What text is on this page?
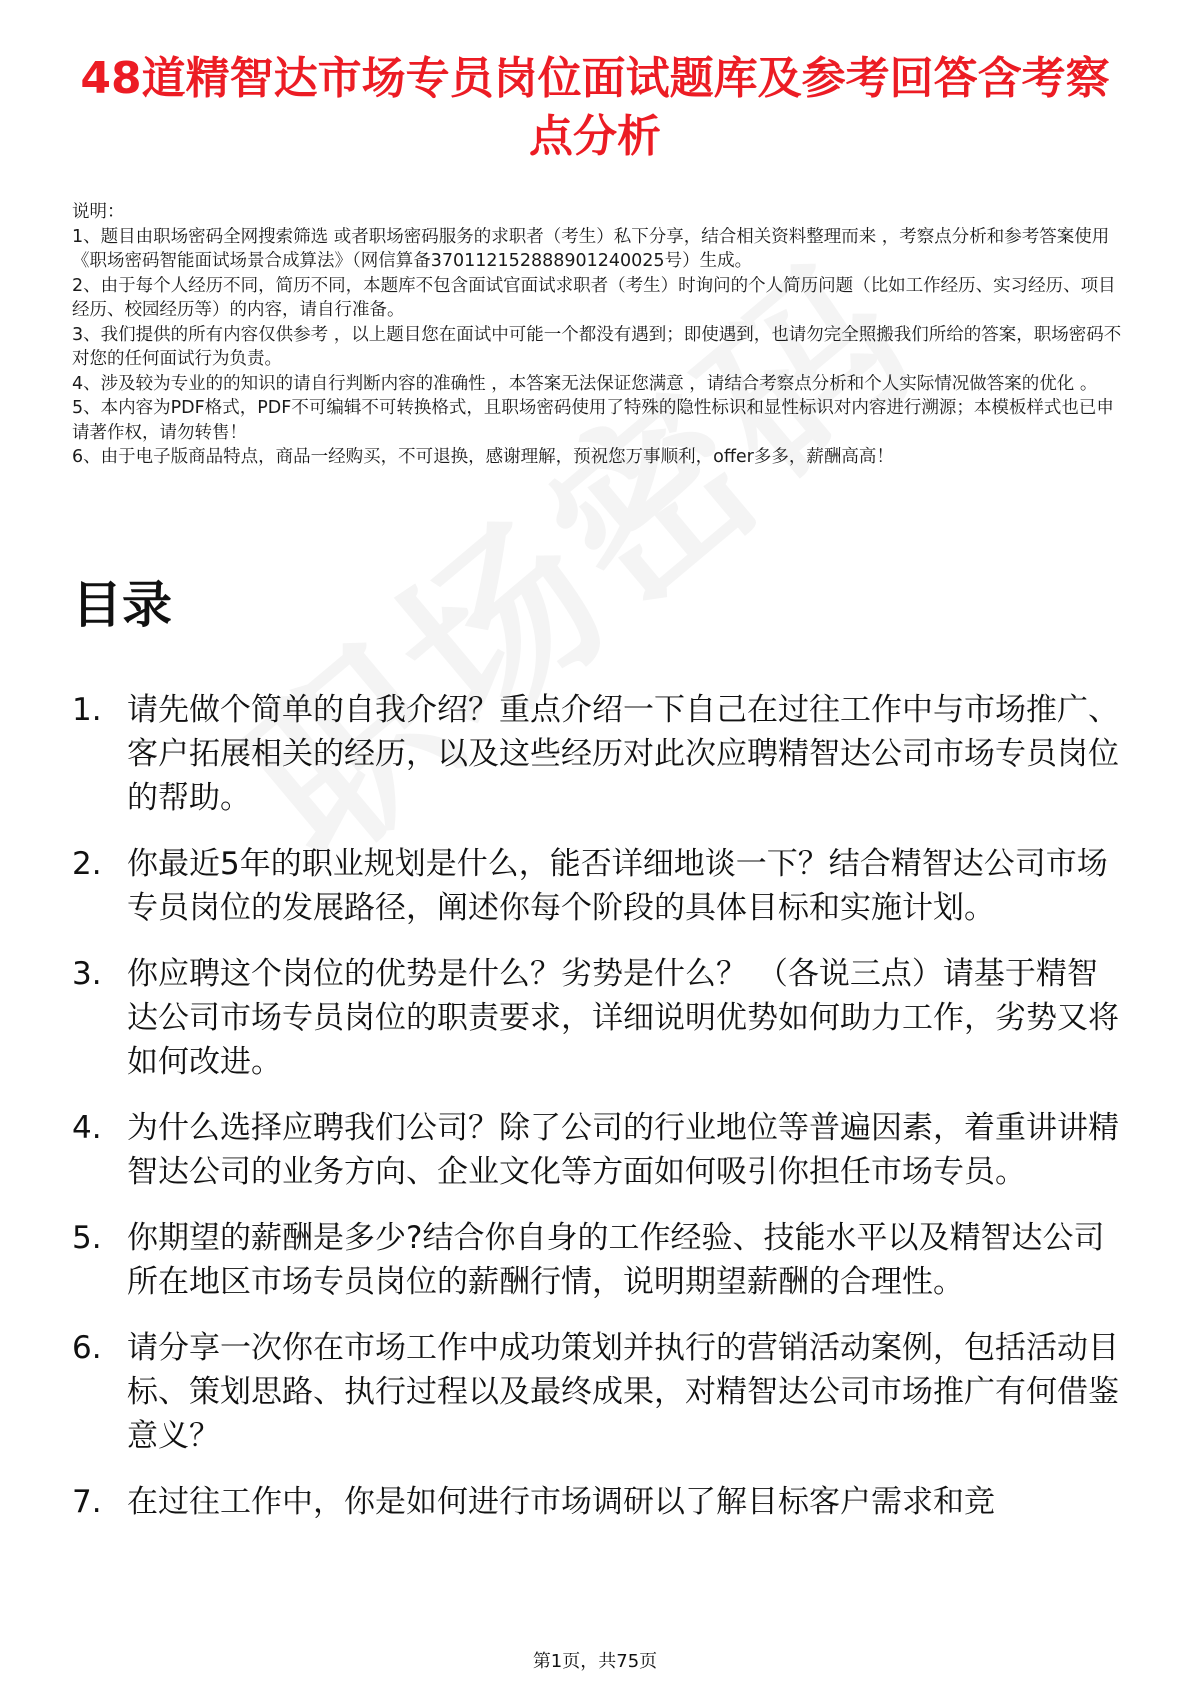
48道精智达市场专员岗位面试题库及参考回答含考察点分析

说明：

1、题目由职场密码全网搜索筛选 或者职场密码服务的求职者（考生）私下分享，结合相关资料整理而来 ，考察点分析和参考答案使用《职场密码智能面试场景合成算法》（网信算备370112152888901240025号）生成。

2、由于每个人经历不同，简历不同，本题库不包含面试官面试求职者（考生）时询问的个人简历问题（比如工作经历、实习经历、项目经历、校园经历等）的内容，请自行准备。

3、我们提供的所有内容仅供参考 ，以上题目您在面试中可能一个都没有遇到；即使遇到，也请勿完全照搬我们所给的答案，职场密码不对您的任何面试行为负责。

4、涉及较为专业的的知识的请自行判断内容的准确性 ，本答案无法保证您满意 ，请结合考察点分析和个人实际情况做答案的优化 。

5、本内容为PDF格式，PDF不可编辑不可转换格式，且职场密码使用了特殊的隐性标识和显性标识对内容进行溯源；本模板样式也已申请著作权，请勿转售！

6、由于电子版商品特点，商品一经购买，不可退换，感谢理解，预祝您万事顺利，offer多多，薪酬高高！

目录
1. 请先做个简单的自我介绍？重点介绍一下自己在过往工作中与市场推广、客户拓展相关的经历，以及这些经历对此次应聘精智达公司市场专员岗位的帮助。
2. 你最近5年的职业规划是什么，能否详细地谈一下？结合精智达公司市场专员岗位的发展路径，阐述你每个阶段的具体目标和实施计划。
3. 你应聘这个岗位的优势是什么？劣势是什么？ （各说三点）请基于精智达公司市场专员岗位的职责要求，详细说明优势如何助力工作，劣势又将如何改进。
4. 为什么选择应聘我们公司？除了公司的行业地位等普遍因素，着重讲讲精智达公司的业务方向、企业文化等方面如何吸引你担任市场专员。
5. 你期望的薪酬是多少?结合你自身的工作经验、技能水平以及精智达公司所在地区市场专员岗位的薪酬行情，说明期望薪酬的合理性。
6. 请分享一次你在市场工作中成功策划并执行的营销活动案例，包括活动目标、策划思路、执行过程以及最终成果，对精智达公司市场推广有何借鉴意义？
7. 在过往工作中，你是如何进行市场调研以了解目标客户需求和竞
第1页，共75页
